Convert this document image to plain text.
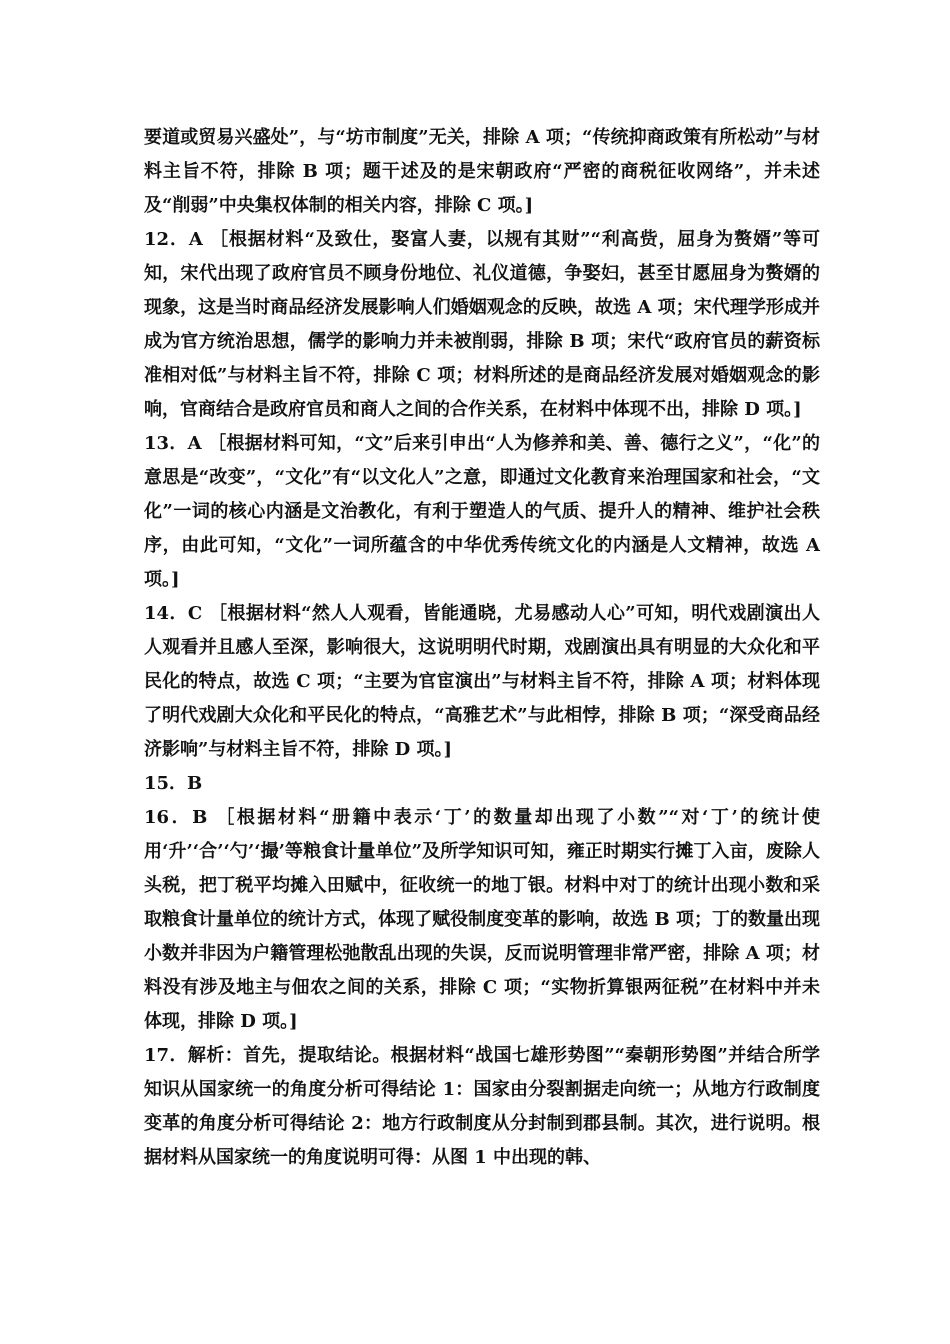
要道或贸易兴盛处”，与“坊市制度”无关，排除 A 项；“传统抑商政策有所松动”与材料主旨不符，排除 B 项；题干述及的是宋朝政府“严密的商税征收网络”，并未述及“削弱”中央集权体制的相关内容，排除 C 项。]

12．A ［根据材料“及致仕，娶富人妻，以规有其财”“利高赀，屈身为赘婿”等可知，宋代出现了政府官员不顾身份地位、礼仪道德，争娶妇，甚至甘愿屈身为赘婿的现象，这是当时商品经济发展影响人们婚姻观念的反映，故选 A 项；宋代理学形成并成为官方统治思想，儒学的影响力并未被削弱，排除 B 项；宋代“政府官员的薪资标准相对低”与材料主旨不符，排除 C 项；材料所述的是商品经济发展对婚姻观念的影响，官商结合是政府官员和商人之间的合作关系，在材料中体现不出，排除 D 项。]

13．A ［根据材料可知，“文”后来引申出“人为修养和美、善、德行之义”，“化”的意思是“改变”，“文化”有“以文化人”之意，即通过文化教育来治理国家和社会，“文化”一词的核心内涵是文治教化，有利于塑造人的气质、提升人的精神、维护社会秩序，由此可知，“文化”一词所蕴含的中华优秀传统文化的内涵是人文精神，故选 A 项。]

14．C ［根据材料“然人人观看，皆能通晓，尤易感动人心”可知，明代戏剧演出人人观看并且感人至深，影响很大，这说明明代时期，戏剧演出具有明显的大众化和平民化的特点，故选 C 项；“主要为官宦演出”与材料主旨不符，排除 A 项；材料体现了明代戏剧大众化和平民化的特点，“高雅艺术”与此相悖，排除 B 项；“深受商品经济影响”与材料主旨不符，排除 D 项。]

15．B

16．B ［根据材料“册籍中表示‘丁’的数量却出现了小数”“对‘丁’的统计使用‘升’‘合’‘勺’‘撮’等粮食计量单位”及所学知识可知，雍正时期实行摊丁入亩，废除人头税，把丁税平均摊入田赋中，征收统一的地丁银。材料中对丁的统计出现小数和采取粮食计量单位的统计方式，体现了赋役制度变革的影响，故选 B 项；丁的数量出现小数并非因为户籍管理松弛散乱出现的失误，反而说明管理非常严密，排除 A 项；材料没有涉及地主与佃农之间的关系，排除 C 项；“实物折算银两征税”在材料中并未体现，排除 D 项。]

17．解析：首先，提取结论。根据材料“战国七雄形势图”“秦朝形势图”并结合所学知识从国家统一的角度分析可得结论 1：国家由分裂割据走向统一；从地方行政制度变革的角度分析可得结论 2：地方行政制度从分封制到郡县制。其次，进行说明。根据材料从国家统一的角度说明可得：从图 1 中出现的韩、
